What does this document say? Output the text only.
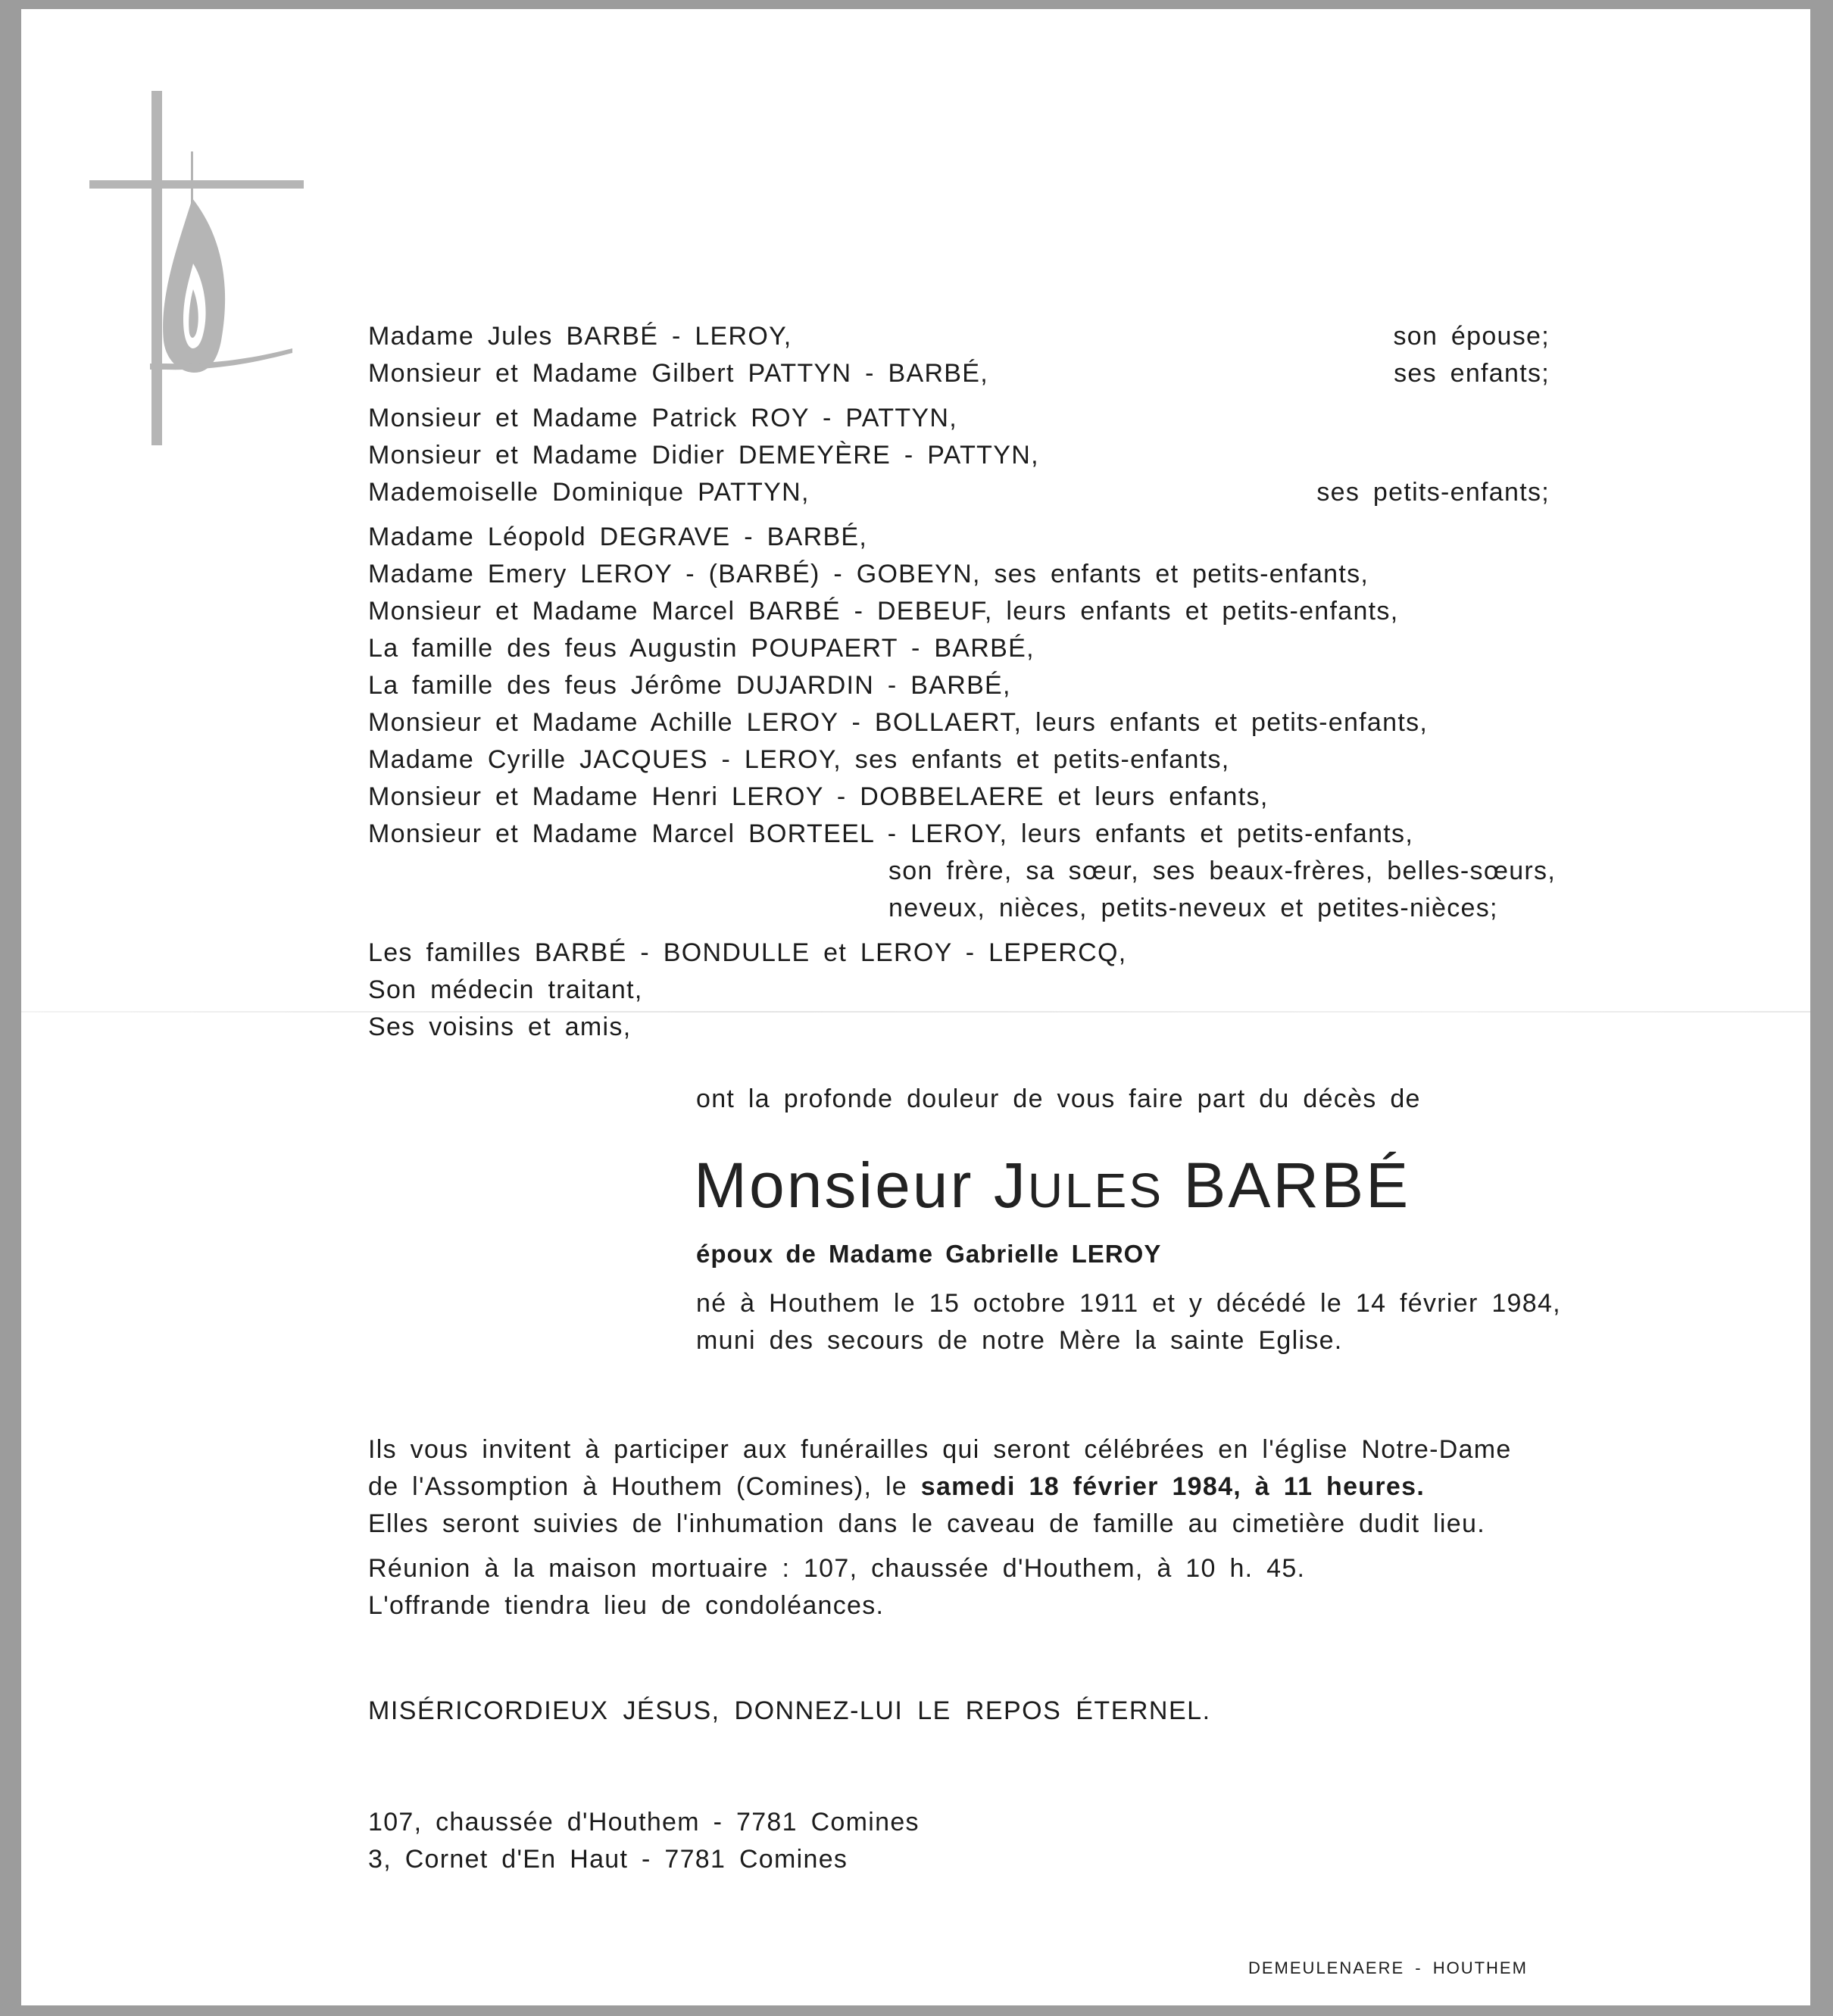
Madame Jules BARBÉ - LEROY,	son épouse;
Monsieur et Madame Gilbert PATTYN - BARBÉ,	ses enfants;
Monsieur et Madame Patrick ROY - PATTYN,
Monsieur et Madame Didier DEMEYÈRE - PATTYN,
Mademoiselle Dominique PATTYN,	ses petits-enfants;
Madame Léopold DEGRAVE - BARBÉ,
Madame Emery LEROY - (BARBÉ) - GOBEYN, ses enfants et petits-enfants,
Monsieur et Madame Marcel BARBÉ - DEBEUF, leurs enfants et petits-enfants,
La famille des feus Augustin POUPAERT - BARBÉ,
La famille des feus Jérôme DUJARDIN - BARBÉ,
Monsieur et Madame Achille LEROY - BOLLAERT, leurs enfants et petits-enfants,
Madame Cyrille JACQUES - LEROY, ses enfants et petits-enfants,
Monsieur et Madame Henri LEROY - DOBBELAERE et leurs enfants,
Monsieur et Madame Marcel BORTEEL - LEROY, leurs enfants et petits-enfants,
son frère, sa sœur, ses beaux-frères, belles-sœurs,
neveux, nièces, petits-neveux et petites-nièces;
Les familles BARBÉ - BONDULLE et LEROY - LEPERCQ,
Son médecin traitant,
Ses voisins et amis,
ont la profonde douleur de vous faire part du décès de
Monsieur JULES BARBÉ
époux de Madame Gabrielle LEROY
né à Houthem le 15 octobre 1911 et y décédé le 14 février 1984,
muni des secours de notre Mère la sainte Eglise.
Ils vous invitent à participer aux funérailles qui seront célébrées en l'église Notre-Dame
de l'Assomption à Houthem (Comines), le samedi 18 février 1984, à 11 heures.
Elles seront suivies de l'inhumation dans le caveau de famille au cimetière dudit lieu.
Réunion à la maison mortuaire : 107, chaussée d'Houthem, à 10 h. 45.
L'offrande tiendra lieu de condoléances.
MISÉRICORDIEUX JÉSUS, DONNEZ-LUI LE REPOS ÉTERNEL.
107, chaussée d'Houthem - 7781 Comines
3, Cornet d'En Haut - 7781 Comines
DEMEULENAERE - HOUTHEM
